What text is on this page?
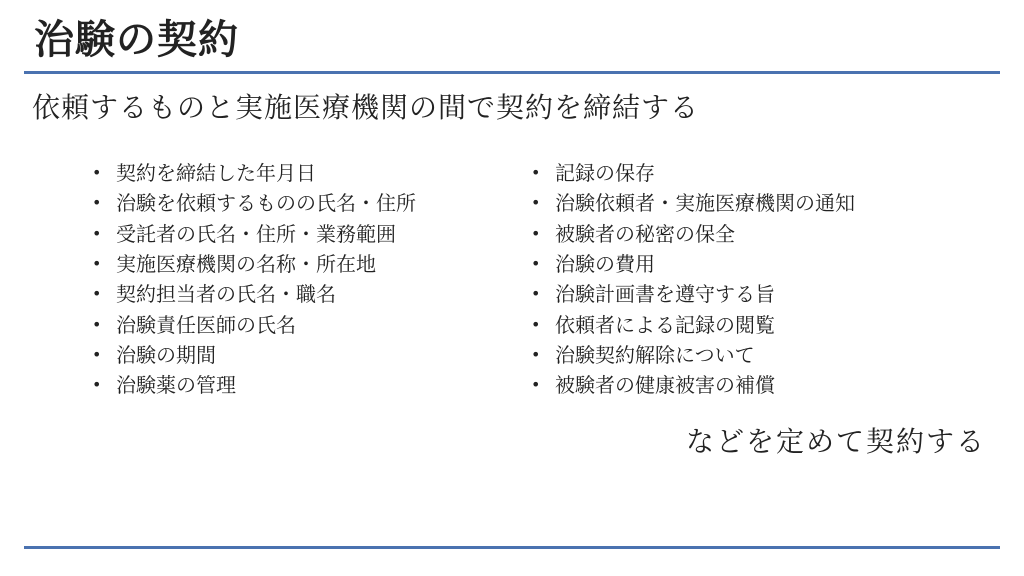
治験の契約
依頼するものと実施医療機関の間で契約を締結する
• 契約を締結した年月日
• 治験を依頼するものの氏名・住所
• 受託者の氏名・住所・業務範囲
• 実施医療機関の名称・所在地
• 契約担当者の氏名・職名
• 治験責任医師の氏名
• 治験の期間
• 治験薬の管理
• 記録の保存
• 治験依頼者・実施医療機関の通知
• 被験者の秘密の保全
• 治験の費用
• 治験計画書を遵守する旨
• 依頼者による記録の閲覧
• 治験契約解除について
• 被験者の健康被害の補償
などを定めて契約する
